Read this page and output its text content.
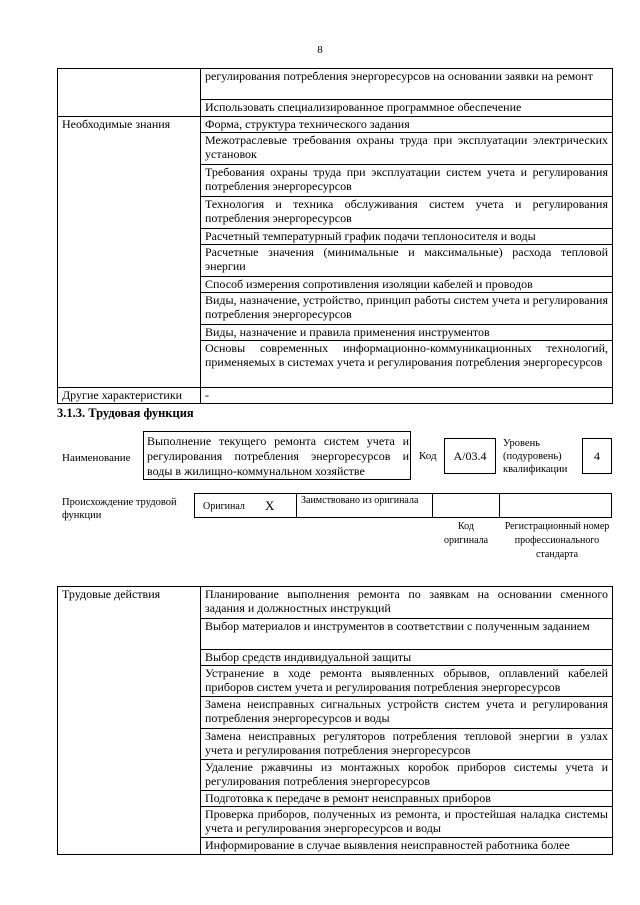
8
	регулирования потребления энергоресурсов на основании заявки на ремонт
	Использовать специализированное программное обеспечение
Необходимые знания	Форма, структура технического задания
	Межотраслевые требования охраны труда при эксплуатации электрических установок
	Требования охраны труда при эксплуатации систем учета и регулирования потребления энергоресурсов
	Технология и техника обслуживания систем учета и регулирования потребления энергоресурсов
	Расчетный температурный график подачи теплоносителя и воды
	Расчетные значения (минимальные и максимальные) расхода тепловой энергии
	Способ измерения сопротивления изоляции кабелей и проводов
	Виды, назначение, устройство, принцип работы систем учета и регулирования потребления энергоресурсов
	Виды, назначение и правила применения инструментов
	Основы современных информационно-коммуникационных технологий, применяемых в системах учета и регулирования потребления энергоресурсов
Другие характеристики	-
3.1.3. Трудовая функция
Наименование
Выполнение текущего ремонта систем учета и регулирования потребления энергоресурсов и воды в жилищно-коммунальном хозяйстве
Код	А/03.4
Уровень (подуровень) квалификации
4
Происхождение трудовой функции
Оригинал X	Заимствовано из оригинала
Код оригинала
Регистрационный номер профессионального стандарта
Трудовые действия	Планирование выполнения ремонта по заявкам на основании сменного задания и должностных инструкций
Выбор материалов и инструментов в соответствии с полученным заданием
Выбор средств индивидуальной защиты
Устранение в ходе ремонта выявленных обрывов, оплавлений кабелей приборов систем учета и регулирования потребления энергоресурсов
Замена неисправных сигнальных устройств систем учета и регулирования потребления энергоресурсов и воды
Замена неисправных регуляторов потребления тепловой энергии в узлах учета и регулирования потребления энергоресурсов
Удаление ржавчины из монтажных коробок приборов системы учета и регулирования потребления энергоресурсов
Подготовка к передаче в ремонт неисправных приборов
Проверка приборов, полученных из ремонта, и простейшая наладка системы учета и регулирования энергоресурсов и воды
Информирование в случае выявления неисправностей работника более
